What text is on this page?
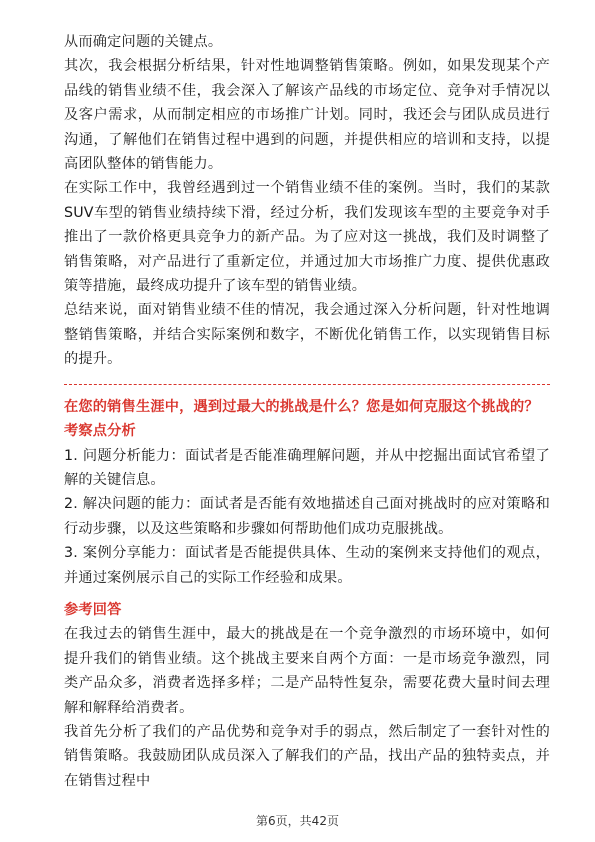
从而确定问题的关键点。

其次，我会根据分析结果，针对性地调整销售策略。例如，如果发现某个产品线的销售业绩不佳，我会深入了解该产品线的市场定位、竞争对手情况以及客户需求，从而制定相应的市场推广计划。同时，我还会与团队成员进行沟通，了解他们在销售过程中遇到的问题，并提供相应的培训和支持，以提高团队整体的销售能力。

在实际工作中，我曾经遇到过一个销售业绩不佳的案例。当时，我们的某款SUV车型的销售业绩持续下滑，经过分析，我们发现该车型的主要竞争对手推出了一款价格更具竞争力的新产品。为了应对这一挑战，我们及时调整了销售策略，对产品进行了重新定位，并通过加大市场推广力度、提供优惠政策等措施，最终成功提升了该车型的销售业绩。

总结来说，面对销售业绩不佳的情况，我会通过深入分析问题，针对性地调整销售策略，并结合实际案例和数字，不断优化销售工作，以实现销售目标的提升。

在您的销售生涯中，遇到过最大的挑战是什么？您是如何克服这个挑战的？

考察点分析

1. 问题分析能力：面试者是否能准确理解问题，并从中挖掘出面试官希望了解的关键信息。

2. 解决问题的能力：面试者是否能有效地描述自己面对挑战时的应对策略和行动步骤，以及这些策略和步骤如何帮助他们成功克服挑战。

3. 案例分享能力：面试者是否能提供具体、生动的案例来支持他们的观点，并通过案例展示自己的实际工作经验和成果。

参考回答

在我过去的销售生涯中，最大的挑战是在一个竞争激烈的市场环境中，如何提升我们的销售业绩。这个挑战主要来自两个方面：一是市场竞争激烈，同类产品众多，消费者选择多样；二是产品特性复杂，需要花费大量时间去理解和解释给消费者。

我首先分析了我们的产品优势和竞争对手的弱点，然后制定了一套针对性的销售策略。我鼓励团队成员深入了解我们的产品，找出产品的独特卖点，并在销售过程中

第6页，共42页
